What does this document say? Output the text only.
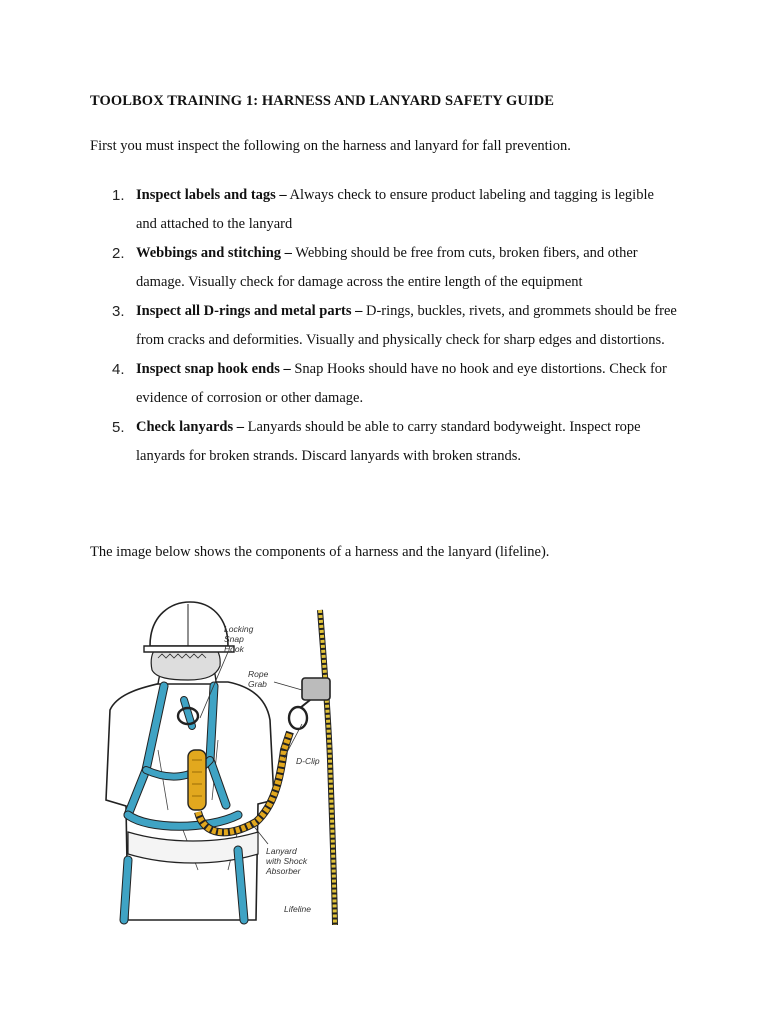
TOOLBOX TRAINING 1: HARNESS AND LANYARD SAFETY GUIDE
First you must inspect the following on the harness and lanyard for fall prevention.
1. Inspect labels and tags – Always check to ensure product labeling and tagging is legible and attached to the lanyard
2. Webbings and stitching – Webbing should be free from cuts, broken fibers, and other damage. Visually check for damage across the entire length of the equipment
3. Inspect all D-rings and metal parts – D-rings, buckles, rivets, and grommets should be free from cracks and deformities. Visually and physically check for sharp edges and distortions.
4. Inspect snap hook ends – Snap Hooks should have no hook and eye distortions. Check for evidence of corrosion or other damage.
5. Check lanyards – Lanyards should be able to carry standard bodyweight. Inspect rope lanyards for broken strands. Discard lanyards with broken strands.
The image below shows the components of a harness and the lanyard (lifeline).
Locking
Snap
Hook
Rope
Grab
D-Clip
Lanyard
with Shock
Absorber
Lifeline
